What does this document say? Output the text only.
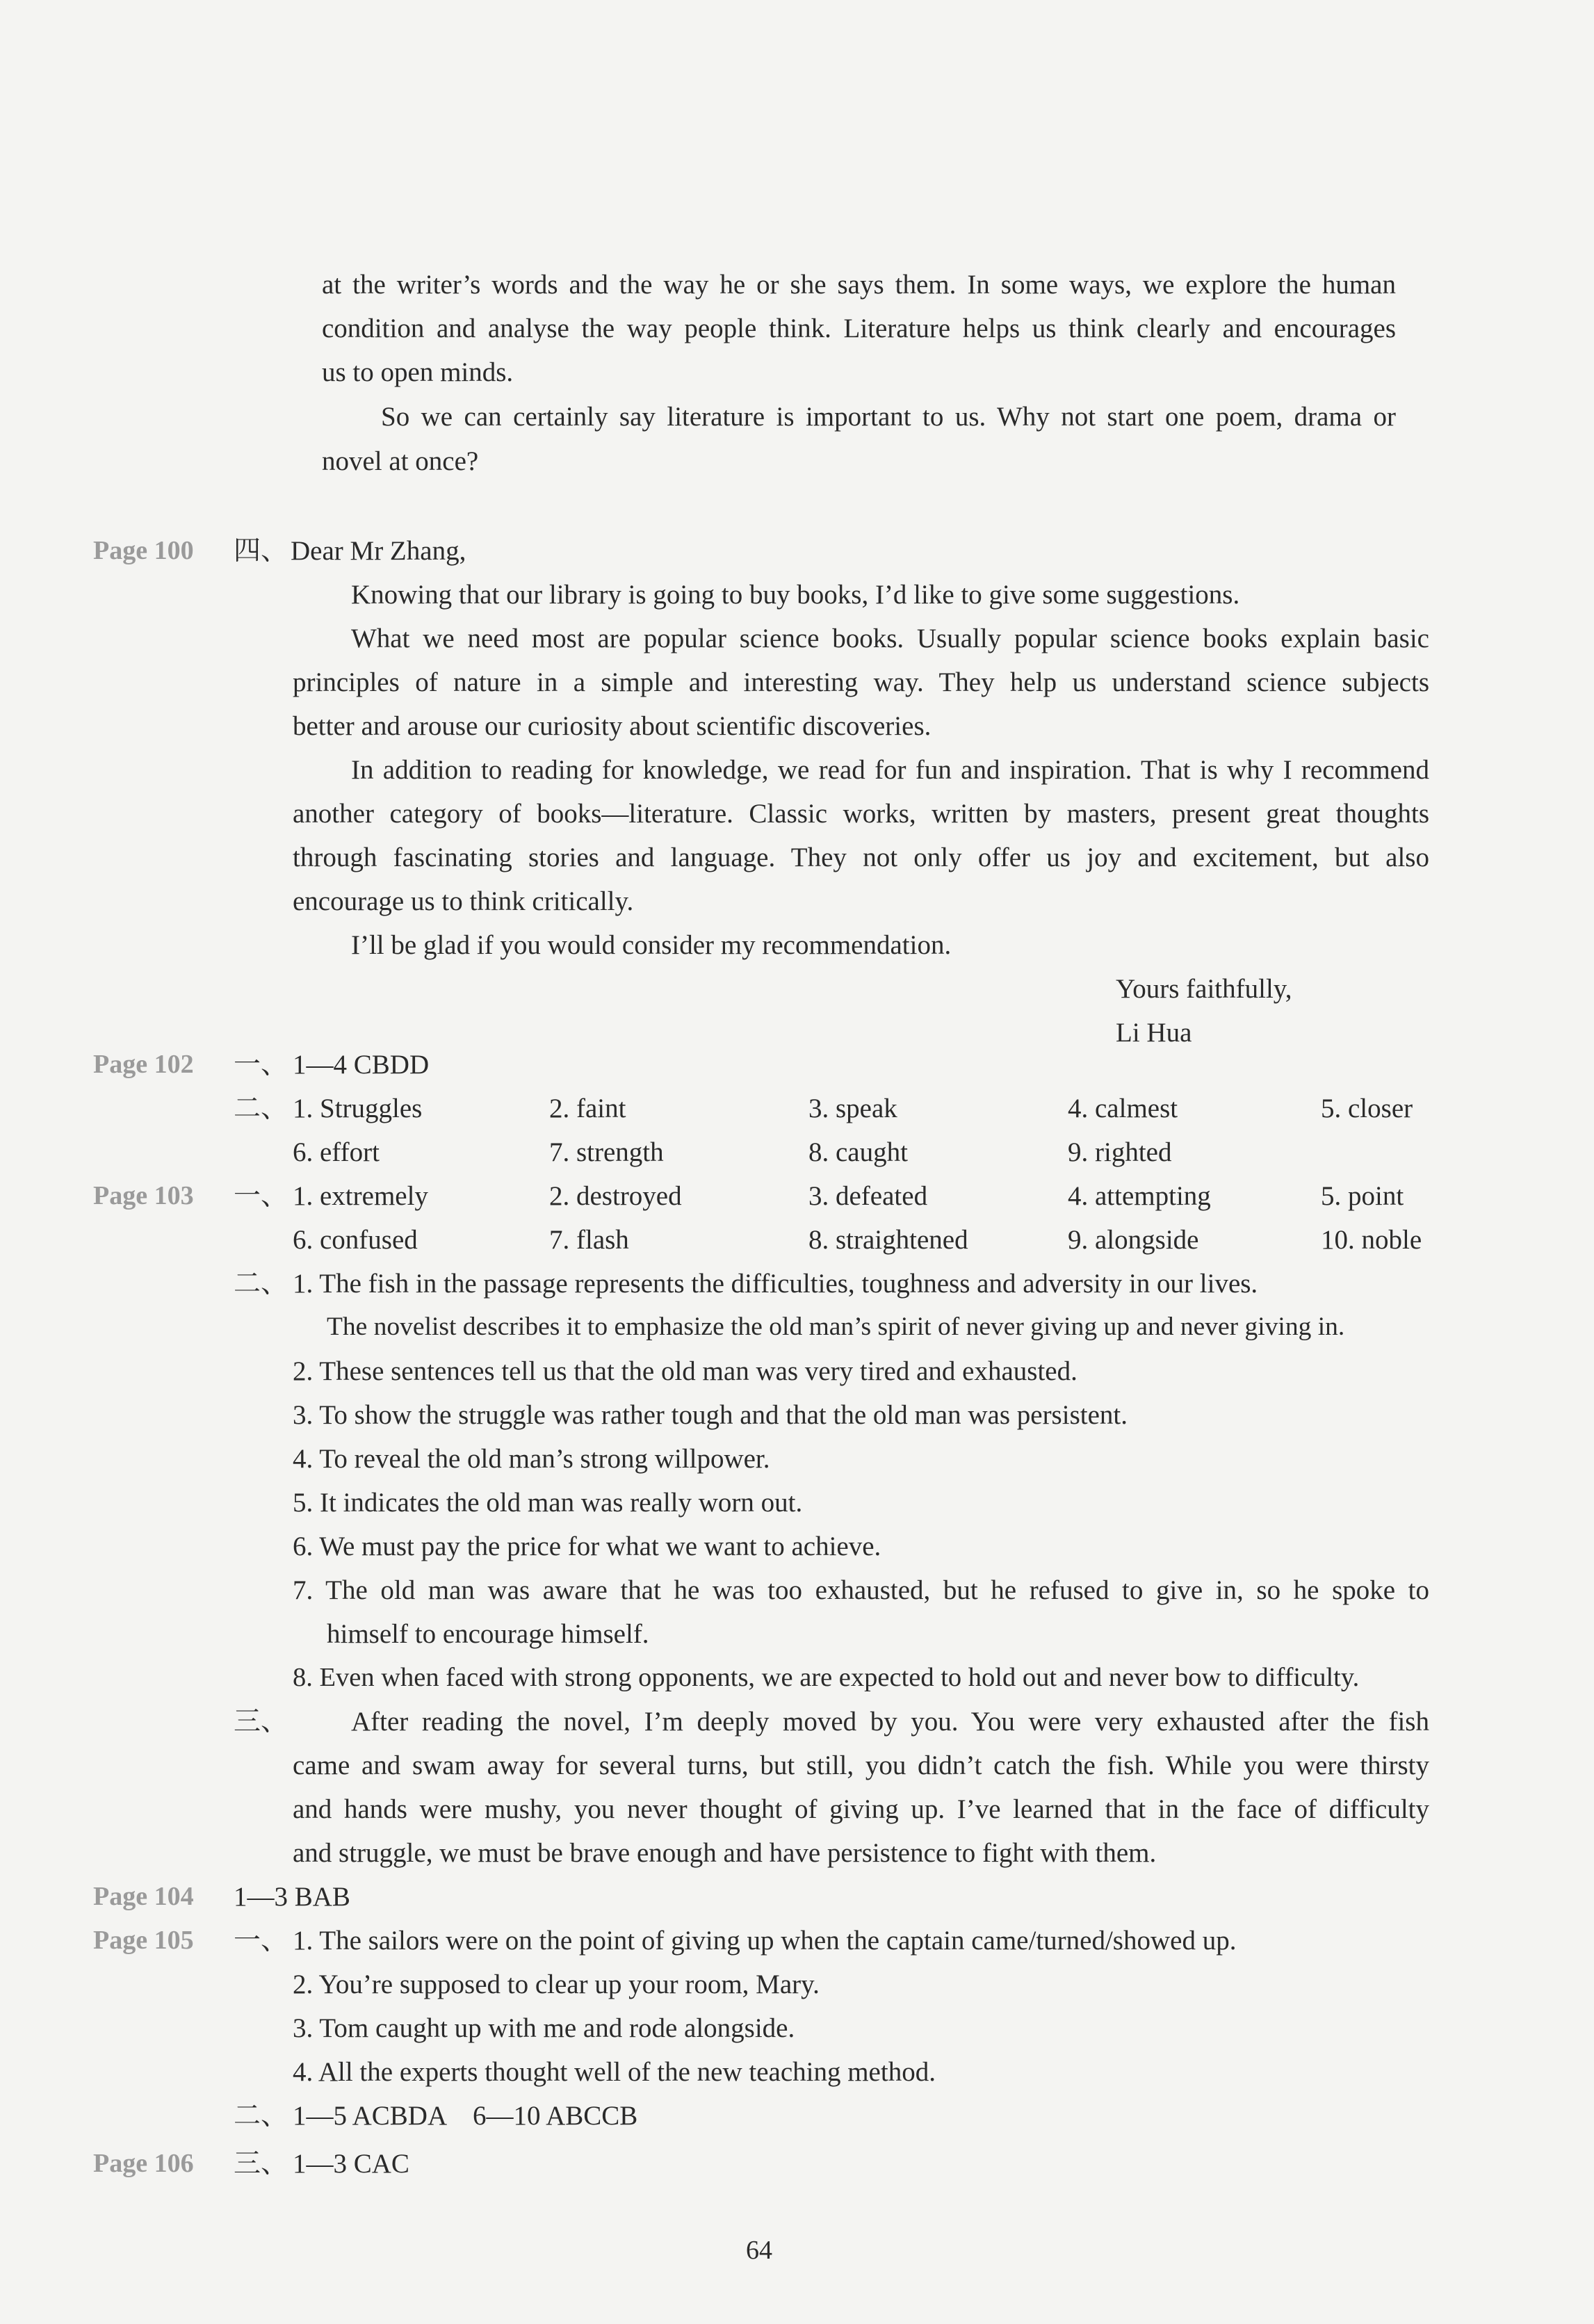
at the writer’s words and the way he or she says them. In some ways, we explore the human
condition and analyse the way people think. Literature helps us think clearly and encourages
us to open minds.
So we can certainly say literature is important to us. Why not start one poem, drama or
novel at once?
Page 100 四、 Dear Mr Zhang,
Knowing that our library is going to buy books, I’d like to give some suggestions.
What we need most are popular science books. Usually popular science books explain basic
principles of nature in a simple and interesting way. They help us understand science subjects
better and arouse our curiosity about scientific discoveries.
In addition to reading for knowledge, we read for fun and inspiration. That is why I recommend
another category of books—literature. Classic works, written by masters, present great thoughts
through fascinating stories and language. They not only offer us joy and excitement, but also
encourage us to think critically.
I’ll be glad if you would consider my recommendation.
Yours faithfully,
Li Hua
Page 102 一、 1—4 CBDD
二、 1. Struggles	2. faint	3. speak	4. calmest	5. closer
6. effort	7. strength	8. caught	9. righted
Page 103 一、 1. extremely	2. destroyed	3. defeated	4. attempting	5. point
6. confused	7. flash	8. straightened	9. alongside	10. noble
二、 1. The fish in the passage represents the difficulties, toughness and adversity in our lives.
The novelist describes it to emphasize the old man’s spirit of never giving up and never giving in.
2. These sentences tell us that the old man was very tired and exhausted.
3. To show the struggle was rather tough and that the old man was persistent.
4. To reveal the old man’s strong willpower.
5. It indicates the old man was really worn out.
6. We must pay the price for what we want to achieve.
7. The old man was aware that he was too exhausted, but he refused to give in, so he spoke to
himself to encourage himself.
8. Even when faced with strong opponents, we are expected to hold out and never bow to difficulty.
三、 After reading the novel, I’m deeply moved by you. You were very exhausted after the fish
came and swam away for several turns, but still, you didn’t catch the fish. While you were thirsty
and hands were mushy, you never thought of giving up. I’ve learned that in the face of difficulty
and struggle, we must be brave enough and have persistence to fight with them.
Page 104 1—3 BAB
Page 105 一、 1. The sailors were on the point of giving up when the captain came/turned/showed up.
2. You’re supposed to clear up your room, Mary.
3. Tom caught up with me and rode alongside.
4. All the experts thought well of the new teaching method.
二、 1—5 ACBDA    6—10 ABCCB
Page 106 三、 1—3 CAC
64
